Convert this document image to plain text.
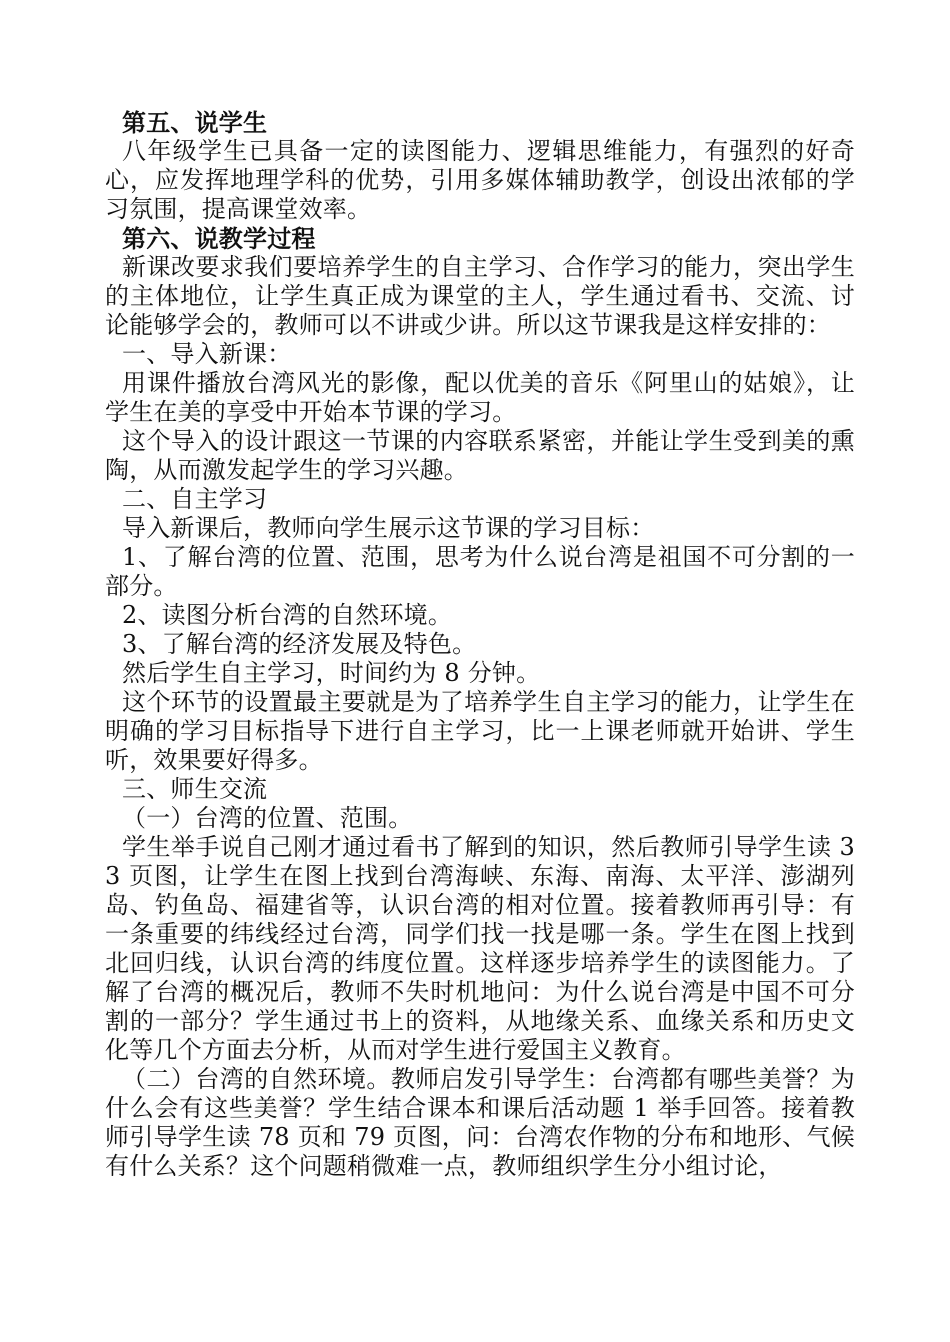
第五、说学生

八年级学生已具备一定的读图能力、逻辑思维能力，有强烈的好奇心，应发挥地理学科的优势，引用多媒体辅助教学，创设出浓郁的学习氛围，提高课堂效率。

第六、说教学过程

新课改要求我们要培养学生的自主学习、合作学习的能力，突出学生的主体地位，让学生真正成为课堂的主人，学生通过看书、交流、讨论能够学会的，教师可以不讲或少讲。所以这节课我是这样安排的：

一、导入新课：

用课件播放台湾风光的影像，配以优美的音乐《阿里山的姑娘》，让学生在美的享受中开始本节课的学习。

这个导入的设计跟这一节课的内容联系紧密，并能让学生受到美的熏陶，从而激发起学生的学习兴趣。

二、自主学习

导入新课后，教师向学生展示这节课的学习目标：

1、了解台湾的位置、范围，思考为什么说台湾是祖国不可分割的一部分。

2、读图分析台湾的自然环境。

3、了解台湾的经济发展及特色。

然后学生自主学习，时间约为 8 分钟。

这个环节的设置最主要就是为了培养学生自主学习的能力，让学生在明确的学习目标指导下进行自主学习，比一上课老师就开始讲、学生听，效果要好得多。

三、师生交流

（一）台湾的位置、范围。

学生举手说自己刚才通过看书了解到的知识，然后教师引导学生读 33 页图，让学生在图上找到台湾海峡、东海、南海、太平洋、澎湖列岛、钓鱼岛、福建省等，认识台湾的相对位置。接着教师再引导：有一条重要的纬线经过台湾，同学们找一找是哪一条。学生在图上找到北回归线，认识台湾的纬度位置。这样逐步培养学生的读图能力。了解了台湾的概况后，教师不失时机地问：为什么说台湾是中国不可分割的一部分？学生通过书上的资料，从地缘关系、血缘关系和历史文化等几个方面去分析，从而对学生进行爱国主义教育。

（二）台湾的自然环境。教师启发引导学生：台湾都有哪些美誉？为什么会有这些美誉？学生结合课本和课后活动题 1 举手回答。接着教师引导学生读 78 页和 79 页图，问：台湾农作物的分布和地形、气候有什么关系？这个问题稍微难一点，教师组织学生分小组讨论，
